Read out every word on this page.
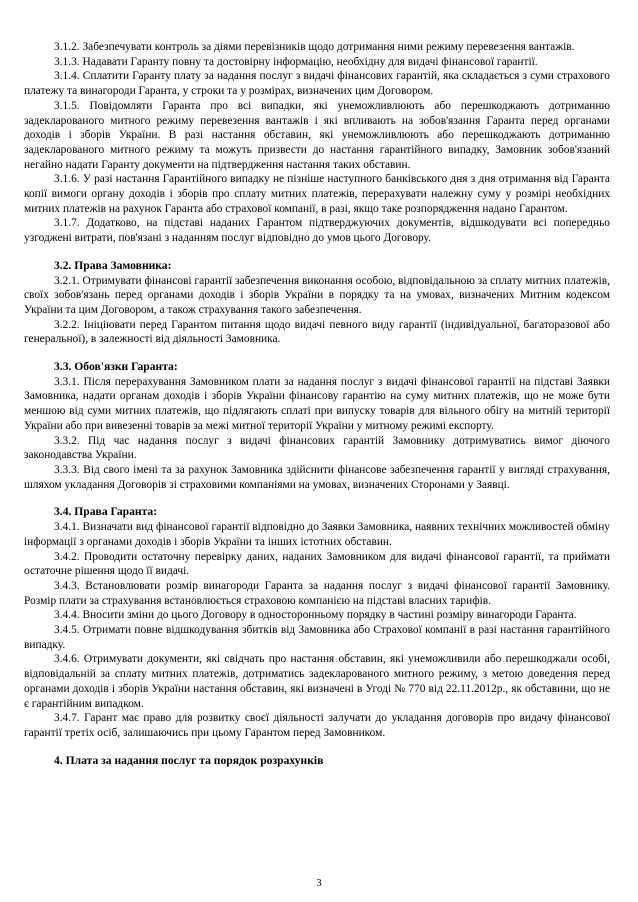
3.1.2. Забезпечувати контроль за діями перевізників щодо дотримання ними режиму перевезення вантажів.

3.1.3. Надавати Гаранту повну та достовірну інформацію, необхідну для видачі фінансової гарантії.

3.1.4. Сплатити Гаранту плату за надання послуг з видачі фінансових гарантій, яка складається з суми страхового платежу та винагороди Гаранта, у строки та у розмірах, визначених цим Договором.

3.1.5. Повідомляти Гаранта про всі випадки, які унеможливлюють або перешкоджають дотриманню задекларованого митного режиму перевезення вантажів і які впливають на зобов'язання Гаранта перед органами доходів і зборів України. В разі настання обставин, які унеможливлюють або перешкоджають дотриманню задекларованого митного режиму та можуть призвести до настання гарантійного випадку, Замовник зобов'язаний негайно надати Гаранту документи на підтвердження настання таких обставин.

3.1.6. У разі настання Гарантійного випадку не пізніше наступного банківського дня з дня отримання від Гаранта копії вимоги органу доходів і зборів про сплату митних платежів, перерахувати належну суму у розмірі необхідних митних платежів на рахунок Гаранта або страхової компанії, в разі, якщо таке розпорядження надано Гарантом.

3.1.7. Додатково, на підставі наданих Гарантом підтверджуючих документів, відшкодувати всі попередньо узгоджені витрати, пов'язані з наданням послуг відповідно до умов цього Договору.

3.2. Права Замовника:

3.2.1. Отримувати фінансові гарантії забезпечення виконання особою, відповідальною за сплату митних платежів, своїх зобов'язань перед органами доходів і зборів України в порядку та на умовах, визначених Митним кодексом України та цим Договором, а також страхування такого забезпечення.

3.2.2. Ініціювати перед Гарантом питання щодо видачі певного виду гарантії (індивідуальної, багаторазової або генеральної), в залежності від діяльності Замовника.

3.3. Обов'язки Гаранта:

3.3.1. Після перерахування Замовником плати за надання послуг з видачі фінансової гарантії на підставі Заявки Замовника, надати органам доходів і зборів України фінансову гарантію на суму митних платежів, що не може бути меншою від суми митних платежів, що підлягають сплаті при випуску товарів для вільного обігу на митній території України або при вивезенні товарів за межі митної території України у митному режимі експорту.

3.3.2. Під час надання послуг з видачі фінансових гарантій Замовнику дотримуватись вимог діючого законодавства України.

3.3.3. Від свого імені та за рахунок Замовника здійснити фінансове забезпечення гарантії у вигляді страхування, шляхом укладання Договорів зі страховими компаніями на умовах, визначених Сторонами у Заявці.

3.4. Права Гаранта:

3.4.1. Визначати вид фінансової гарантії відповідно до Заявки Замовника, наявних технічних можливостей обміну інформації з органами доходів і зборів України та інших істотних обставин.

3.4.2. Проводити остаточну перевірку даних, наданих Замовником для видачі фінансової гарантії, та приймати остаточне рішення щодо її видачі.

3.4.3. Встановлювати розмір винагороди Гаранта за надання послуг з видачі фінансової гарантії Замовнику. Розмір плати за страхування встановлюється страховою компанією на підставі власних тарифів.

3.4.4. Вносити зміни до цього Договору в односторонньому порядку в частині розміру винагороди Гаранта.

3.4.5. Отримати повне відшкодування збитків від Замовника або Страхової компанії в разі настання гарантійного випадку.

3.4.6. Отримувати документи, які свідчать про настання обставин, які унеможливили або перешкоджали особі, відповідальній за сплату митних платежів, дотриматись задекларованого митного режиму, з метою доведення перед органами доходів і зборів України настання обставин, які визначені в Угоді № 770 від 22.11.2012р., як обставини, що не є гарантійним випадком.

3.4.7. Гарант має право для розвитку своєї діяльності залучати до укладання договорів про видачу фінансової гарантії третіх осіб, залишаючись при цьому Гарантом перед Замовником.

4. Плата за надання послуг та порядок розрахунків

3
